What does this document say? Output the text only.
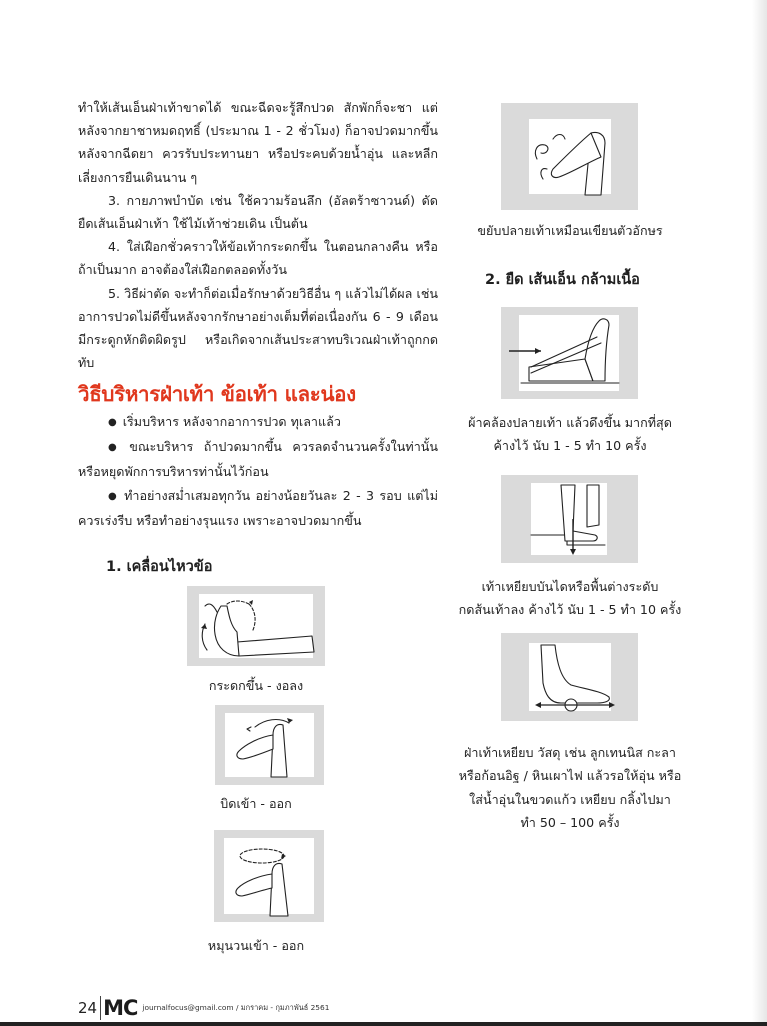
ทำให้เส้นเอ็นฝ่าเท้าขาดได้ ขณะฉีดจะรู้สึกปวด สักพักก็จะชา แต่หลังจากยาชาหมดฤทธิ์ (ประมาณ 1 - 2 ชั่วโมง) ก็อาจปวดมากขึ้น หลังจากฉีดยา ควรรับประทานยา หรือประคบด้วยน้ำอุ่น และหลีกเลี่ยงการยืนเดินนาน ๆ

3. กายภาพบำบัด เช่น ใช้ความร้อนลึก (อัลตร้าซาวนด์) ดัดยืดเส้นเอ็นฝ่าเท้า ใช้ไม้เท้าช่วยเดิน เป็นต้น

4. ใส่เฝือกชั่วคราวให้ข้อเท้ากระดกขึ้น ในตอนกลางคืน หรือถ้าเป็นมาก อาจต้องใส่เฝือกตลอดทั้งวัน

5. วิธีผ่าตัด จะทำก็ต่อเมื่อรักษาด้วยวิธีอื่น ๆ แล้วไม่ได้ผล เช่น อาการปวดไม่ดีขึ้นหลังจากรักษาอย่างเต็มที่ต่อเนื่องกัน 6 - 9 เดือน มีกระดูกหักติดผิดรูป หรือเกิดจากเส้นประสาทบริเวณฝ่าเท้าถูกกดทับ

วิธีบริหารฝ่าเท้า ข้อเท้า และน่อง

● เริ่มบริหาร หลังจากอาการปวด ทุเลาแล้ว

● ขณะบริหาร ถ้าปวดมากขึ้น ควรลดจำนวนครั้งในท่านั้น หรือหยุดพักการบริหารท่านั้นไว้ก่อน

● ทำอย่างสม่ำเสมอทุกวัน อย่างน้อยวันละ 2 - 3 รอบ แต่ไม่ควรเร่งรีบ หรือทำอย่างรุนแรง เพราะอาจปวดมากขึ้น

1. เคลื่อนไหวข้อ
กระดกขึ้น - งอลง
บิดเข้า - ออก
หมุนวนเข้า - ออก
ขยับปลายเท้าเหมือนเขียนตัวอักษร
2. ยืด เส้นเอ็น กล้ามเนื้อ
ผ้าคล้องปลายเท้า แล้วดึงขึ้น มากที่สุด
ค้างไว้ นับ 1 - 5 ทำ 10 ครั้ง
เท้าเหยียบบันไดหรือพื้นต่างระดับ
กดส้นเท้าลง ค้างไว้ นับ 1 - 5 ทำ 10 ครั้ง
ฝ่าเท้าเหยียบ วัสดุ เช่น ลูกเทนนิส กะลา
หรือก้อนอิฐ / หินเผาไฟ แล้วรอให้อุ่น หรือ
ใส่น้ำอุ่นในขวดแก้ว เหยียบ กลิ้งไปมา
ทำ 50 – 100 ครั้ง
24 MC journalfocus@gmail.com / มกราคม - กุมภาพันธ์ 2561
